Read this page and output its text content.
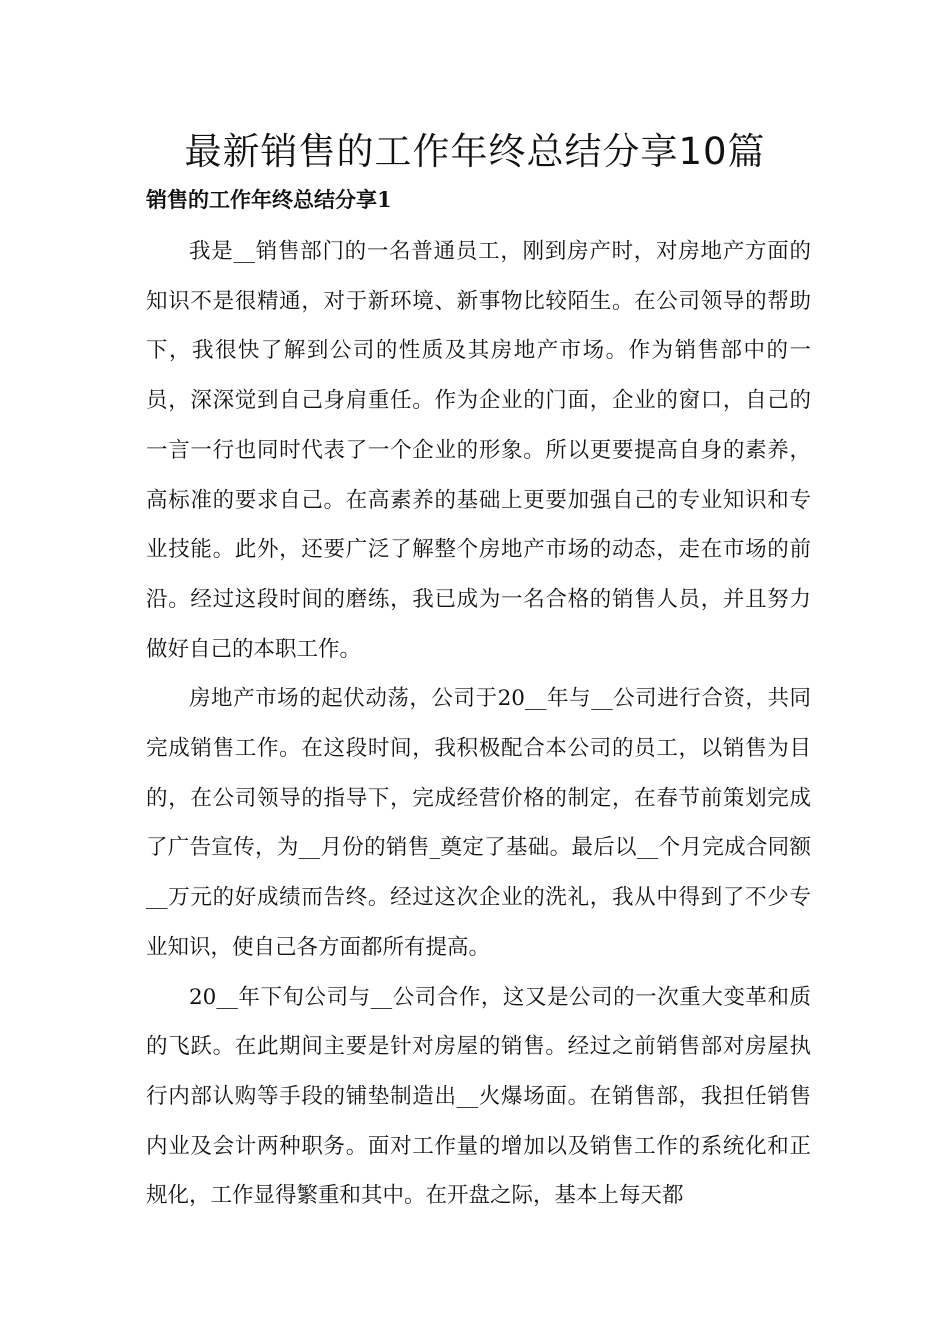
最新销售的工作年终总结分享10篇
销售的工作年终总结分享1

我是__销售部门的一名普通员工，刚到房产时，对房地产方面的知识不是很精通，对于新环境、新事物比较陌生。在公司领导的帮助下，我很快了解到公司的性质及其房地产市场。作为销售部中的一员，深深觉到自己身肩重任。作为企业的门面，企业的窗口，自己的一言一行也同时代表了一个企业的形象。所以更要提高自身的素养，高标准的要求自己。在高素养的基础上更要加强自己的专业知识和专业技能。此外，还要广泛了解整个房地产市场的动态，走在市场的前沿。经过这段时间的磨练，我已成为一名合格的销售人员，并且努力做好自己的本职工作。

房地产市场的起伏动荡，公司于20__年与__公司进行合资，共同完成销售工作。在这段时间，我积极配合本公司的员工，以销售为目的，在公司领导的指导下，完成经营价格的制定，在春节前策划完成了广告宣传，为__月份的销售_奠定了基础。最后以__个月完成合同额__万元的好成绩而告终。经过这次企业的洗礼，我从中得到了不少专业知识，使自己各方面都所有提高。

20__年下旬公司与__公司合作，这又是公司的一次重大变革和质的飞跃。在此期间主要是针对房屋的销售。经过之前销售部对房屋执行内部认购等手段的铺垫制造出__火爆场面。在销售部，我担任销售内业及会计两种职务。面对工作量的增加以及销售工作的系统化和正规化，工作显得繁重和其中。在开盘之际，基本上每天都
